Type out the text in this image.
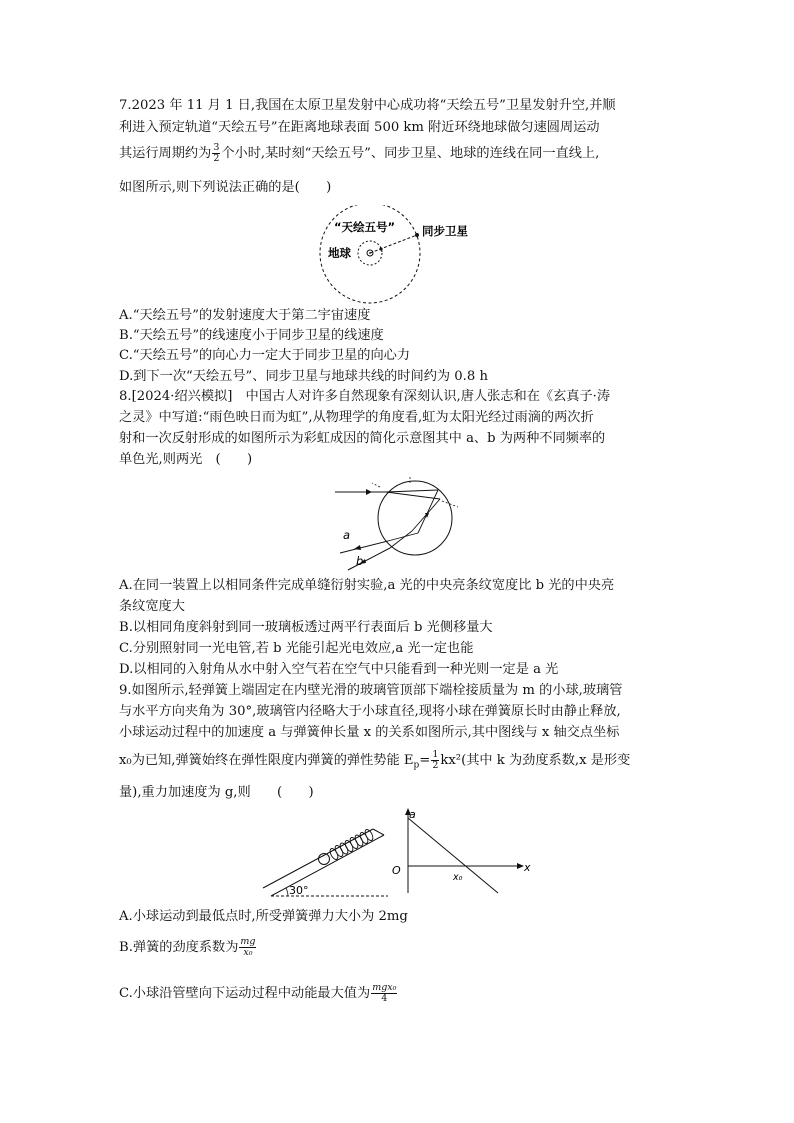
7.2023 年 11 月 1 日,我国在太原卫星发射中心成功将“天绘五号”卫星发射升空,并顺
利进入预定轨道“天绘五号”在距离地球表面 500 km 附近环绕地球做匀速圆周运动
其运行周期约为 $\frac{3}{2}$ 个小时,某时刻“天绘五号”、同步卫星、地球的连线在同一直线上,
如图所示,则下列说法正确的是(　　)
“天绘五号” 同步卫星
地球
A.“天绘五号”的发射速度大于第二宇宙速度
B.“天绘五号”的线速度小于同步卫星的线速度
C.“天绘五号”的向心力一定大于同步卫星的向心力
D.到下一次“天绘五号”、同步卫星与地球共线的时间约为 0.8 h
8.[2024·绍兴模拟]　中国古人对许多自然现象有深刻认识,唐人张志和在《玄真子·涛
之灵》中写道:“雨色映日而为虹”,从物理学的角度看,虹为太阳光经过雨滴的两次折
射和一次反射形成的如图所示为彩虹成因的简化示意图其中 a、b 为两种不同频率的
单色光,则两光　(　　)
a
b
A.在同一装置上以相同条件完成单缝衍射实验,a 光的中央亮条纹宽度比 b 光的中央亮
条纹宽度大
B.以相同角度斜射到同一玻璃板透过两平行表面后 b 光侧移量大
C.分别照射同一光电管,若 b 光能引起光电效应,a 光一定也能
D.以相同的入射角从水中射入空气若在空气中只能看到一种光则一定是 a 光
9.如图所示,轻弹簧上端固定在内壁光滑的玻璃管顶部下端栓接质量为 m 的小球,玻璃管
与水平方向夹角为 30°,玻璃管内径略大于小球直径,现将小球在弹簧原长时由静止释放,
小球运动过程中的加速度 a 与弹簧伸长量 x 的关系如图所示,其中图线与 x 轴交点坐标
x₀为已知,弹簧始终在弹性限度内弹簧的弹性势能 $E_p= \frac{1}{2} kx^2$(其中 k 为劲度系数,x 是形变
量),重力加速度为 g,则　　(　　)
30°
a
x
O
x₀
A.小球运动到最低点时,所受弹簧弹力大小为 2mg
B.弹簧的劲度系数为 $\frac{mg}{\text{x₀}}$
C.小球沿管壁向下运动过程中动能最大值为 $\frac{\text{mgx₀}}{4}$
